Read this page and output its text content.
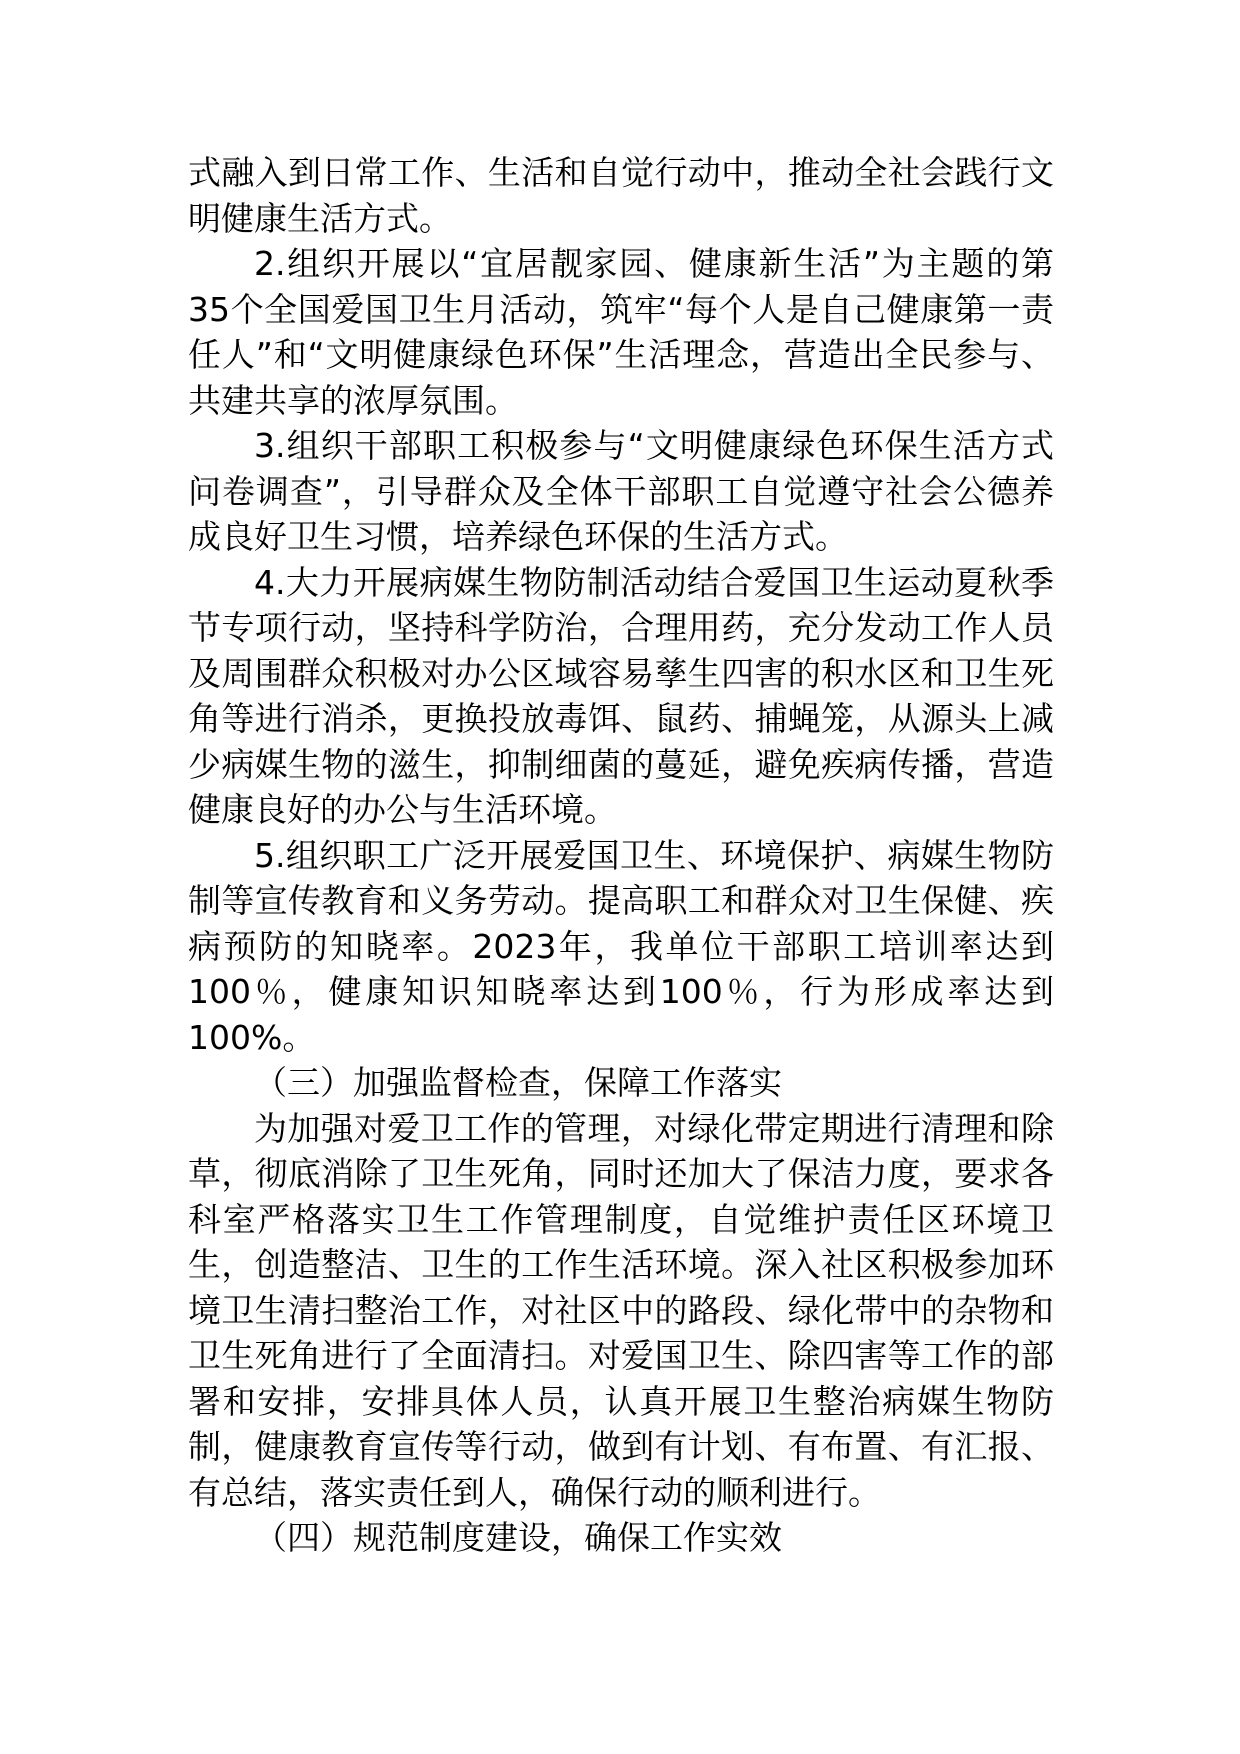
式融入到日常工作、生活和自觉行动中，推动全社会践行文明健康生活方式。

2.组织开展以“宜居靓家园、健康新生活”为主题的第35个全国爱国卫生月活动，筑牢“每个人是自己健康第一责任人”和“文明健康绿色环保”生活理念，营造出全民参与、共建共享的浓厚氛围。

3.组织干部职工积极参与“文明健康绿色环保生活方式问卷调查”，引导群众及全体干部职工自觉遵守社会公德养成良好卫生习惯，培养绿色环保的生活方式。

4.大力开展病媒生物防制活动结合爱国卫生运动夏秋季节专项行动，坚持科学防治，合理用药，充分发动工作人员及周围群众积极对办公区域容易孳生四害的积水区和卫生死角等进行消杀，更换投放毒饵、鼠药、捕蝇笼，从源头上减少病媒生物的滋生，抑制细菌的蔓延，避免疾病传播，营造健康良好的办公与生活环境。

5.组织职工广泛开展爱国卫生、环境保护、病媒生物防制等宣传教育和义务劳动。提高职工和群众对卫生保健、疾病预防的知晓率。2023年，我单位干部职工培训率达到100％，健康知识知晓率达到100％，行为形成率达到100%。

（三）加强监督检查，保障工作落实

为加强对爱卫工作的管理，对绿化带定期进行清理和除草，彻底消除了卫生死角，同时还加大了保洁力度，要求各科室严格落实卫生工作管理制度，自觉维护责任区环境卫生，创造整洁、卫生的工作生活环境。深入社区积极参加环境卫生清扫整治工作，对社区中的路段、绿化带中的杂物和卫生死角进行了全面清扫。对爱国卫生、除四害等工作的部署和安排，安排具体人员，认真开展卫生整治病媒生物防制，健康教育宣传等行动，做到有计划、有布置、有汇报、有总结，落实责任到人，确保行动的顺利进行。

（四）规范制度建设，确保工作实效
